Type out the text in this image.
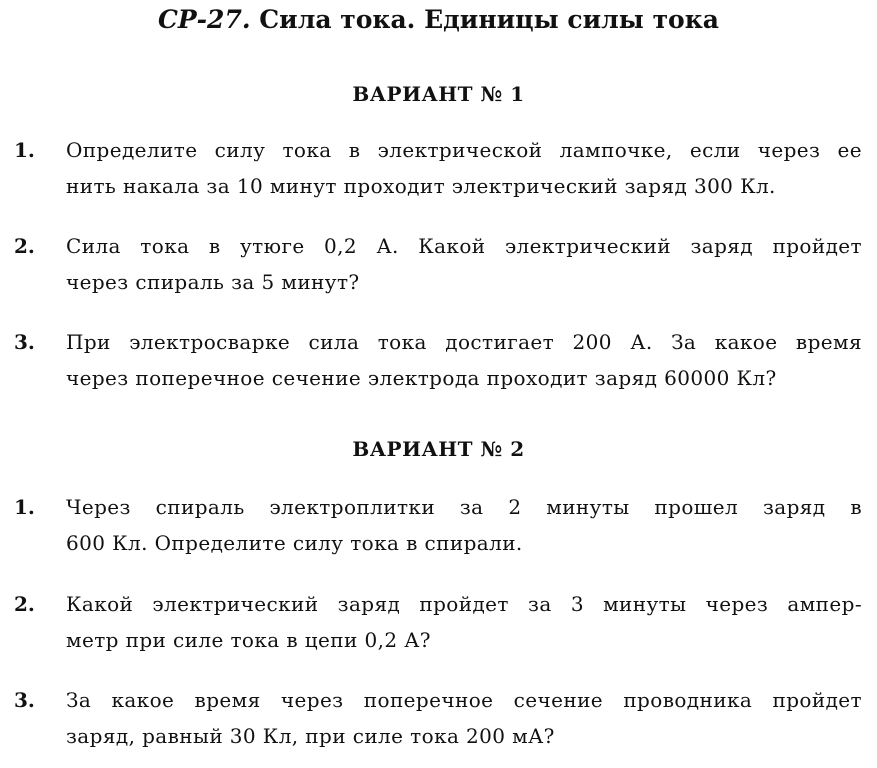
СР-27. Сила тока. Единицы силы тока
ВАРИАНТ № 1
1. Определите силу тока в электрической лампочке, если через ее
нить накала за 10 минут проходит электрический заряд 300 Кл.
2. Сила тока в утюге 0,2 А. Какой электрический заряд пройдет
через спираль за 5 минут?
3. При электросварке сила тока достигает 200 А. За какое время
через поперечное сечение электрода проходит заряд 60000 Кл?
ВАРИАНТ № 2
1. Через спираль электроплитки за 2 минуты прошел заряд в
600 Кл. Определите силу тока в спирали.
2. Какой электрический заряд пройдет за 3 минуты через ампер-
метр при силе тока в цепи 0,2 А?
3. За какое время через поперечное сечение проводника пройдет
заряд, равный 30 Кл, при силе тока 200 мА?
